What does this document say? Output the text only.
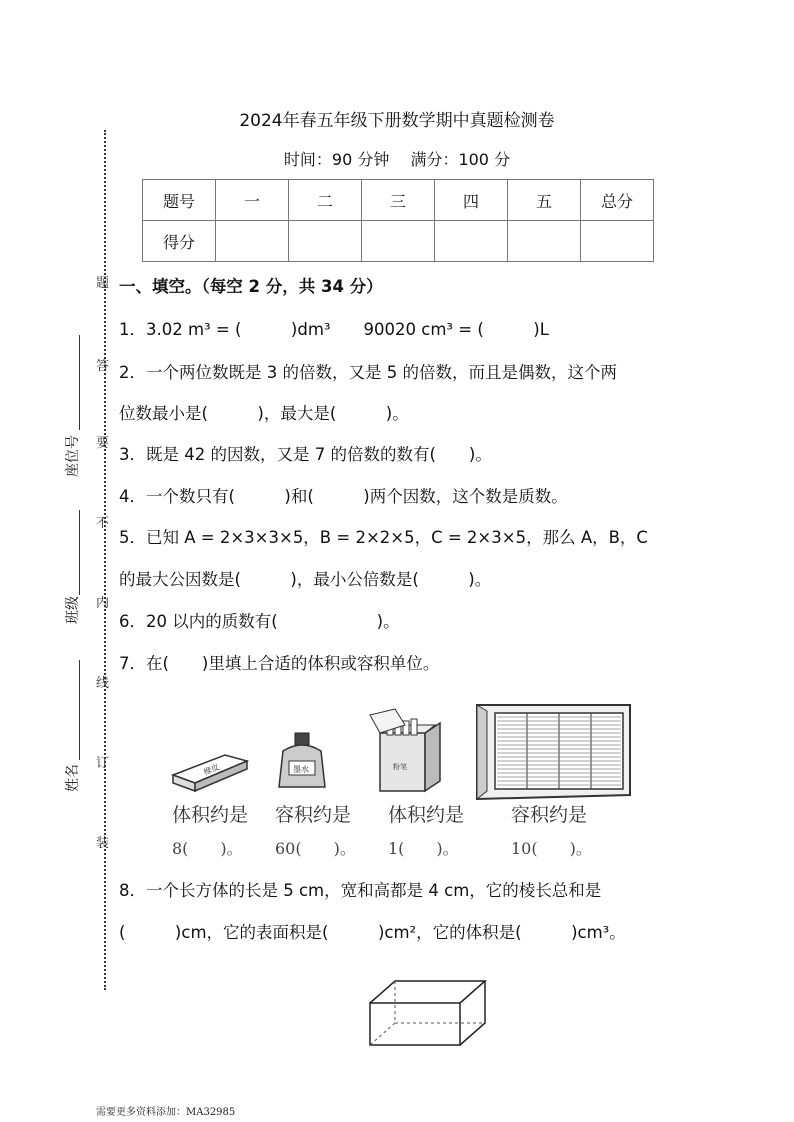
2024年春五年级下册数学期中真题检测卷
时间：90 分钟　 满分：100 分
题号	一	二	三	四	五	总分
得分						
题
答
要
不
内
线
订
装
座位号
班级
姓名
一、填空。（每空 2 分，共 34 分）
1．3.02 m³ = (　　　)dm³　　90020 cm³ = (　　　)L
2．一个两位数既是 3 的倍数，又是 5 的倍数，而且是偶数，这个两
位数最小是(　　　)，最大是(　　　)。
3．既是 42 的因数，又是 7 的倍数的数有(　　)。
4．一个数只有(　　　)和(　　　)两个因数，这个数是质数。
5．已知 A = 2×3×3×5，B = 2×2×5，C = 2×3×5，那么 A，B，C
的最大公因数是(　　　)，最小公倍数是(　　　)。
6．20 以内的质数有(　　　　　　)。
7．在(　　)里填上合适的体积或容积单位。
橡皮	墨水	粉笔
体积约是 容积约是 体积约是 容积约是
8(　　)。 60(　　)。 1(　　)。	10(　　)。
8．一个长方体的长是 5 cm，宽和高都是 4 cm，它的棱长总和是
(　　　)cm，它的表面积是(　　　)cm²，它的体积是(　　　)cm³。
需要更多资料添加：MA32985
